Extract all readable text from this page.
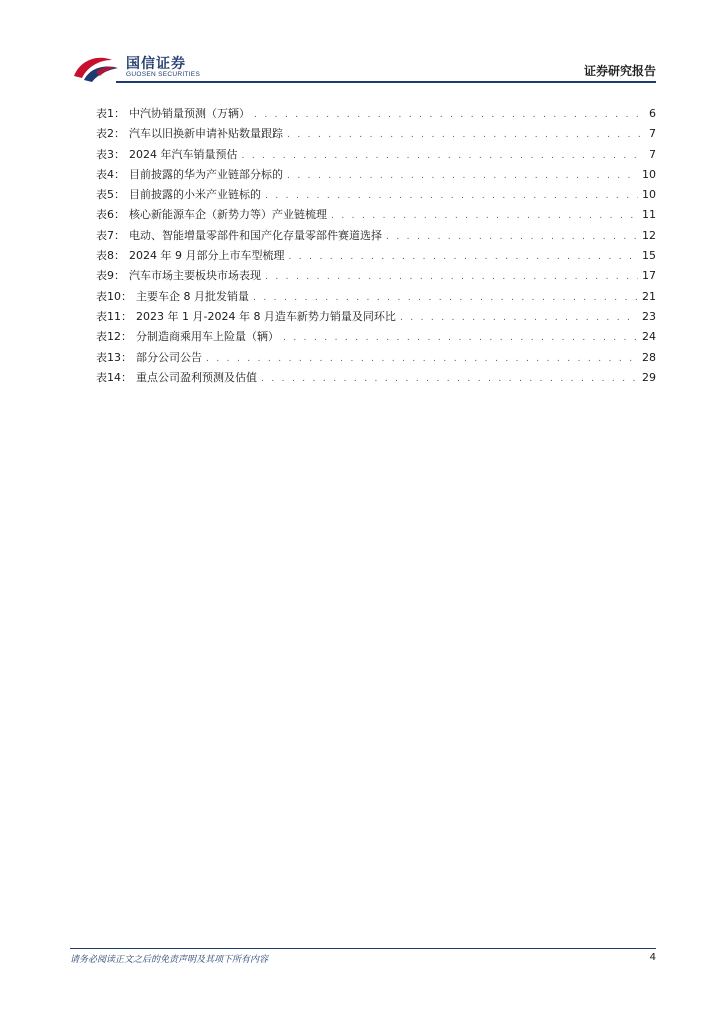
国信证券
GUOSEN SECURITIES	证券研究报告
表1： 中汽协销量预测（万辆） . . .	6
表2： 汽车以旧换新申请补贴数量跟踪 . . .	7
表3： 2024 年汽车销量预估 . . .	7
表4： 目前披露的华为产业链部分标的 . . .	10
表5： 目前披露的小米产业链标的 . . .	10
表6： 核心新能源车企（新势力等）产业链梳理 . . .	11
表7： 电动、智能增量零部件和国产化存量零部件赛道选择 . . .	12
表8： 2024 年 9 月部分上市车型梳理 . . .	15
表9： 汽车市场主要板块市场表现 . . .	17
表10： 主要车企 8 月批发销量 . . .	21
表11： 2023 年 1 月-2024 年 8 月造车新势力销量及同环比 . . .	23
表12： 分制造商乘用车上险量（辆） . . .	24
表13： 部分公司公告 . . .	28
表14： 重点公司盈利预测及估值 . . .	29
请务必阅读正文之后的免责声明及其项下所有内容	4
